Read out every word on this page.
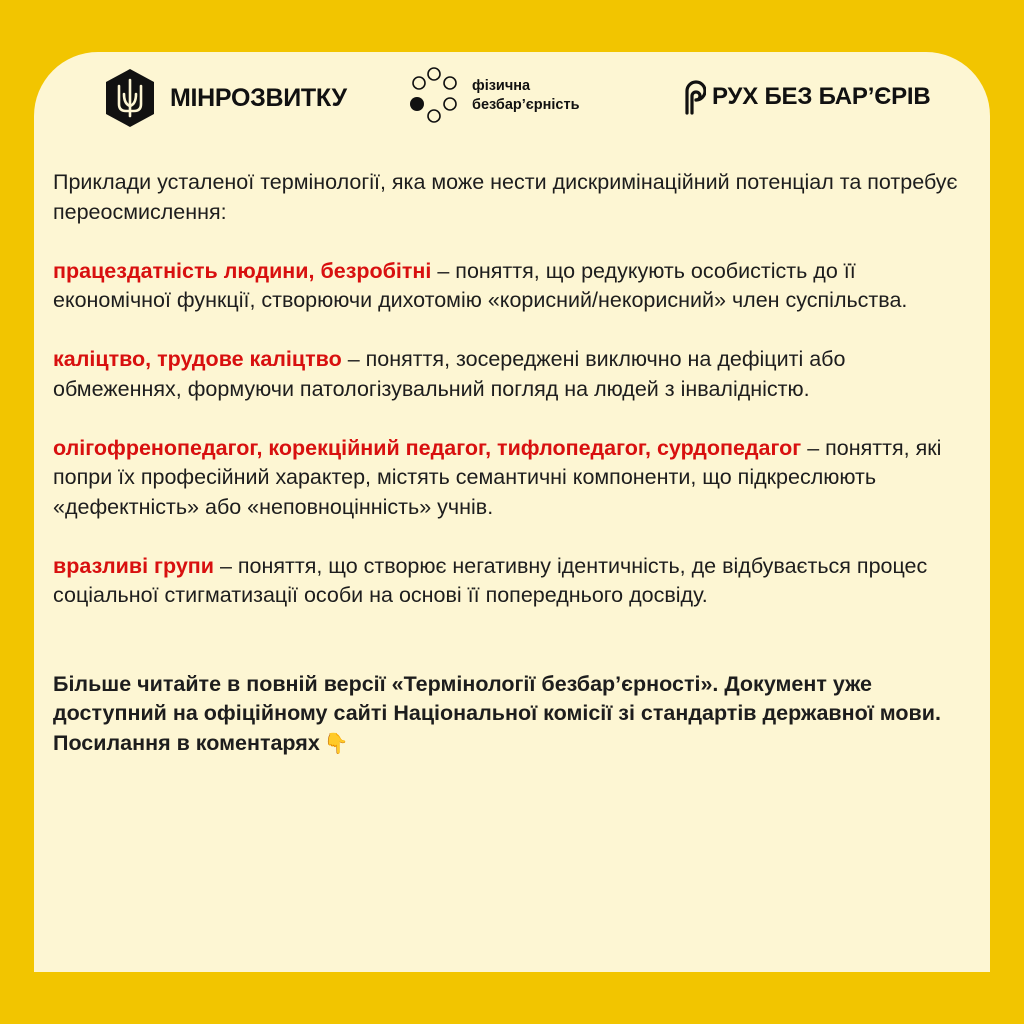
МІНРОЗВИТКУ	фізична
безбар’єрність	РУХ БЕЗ БАР’ЄРІВ

Приклади усталеної термінології, яка може нести дискримінаційний потенціал та потребує переосмислення:

працездатність людини, безробітні – поняття, що редукують особистість до її економічної функції, створюючи дихотомію «корисний/некорисний» член суспільства.

каліцтво, трудове каліцтво – поняття, зосереджені виключно на дефіциті або обмеженнях, формуючи патологізувальний погляд на людей з інвалідністю.

олігофренопедагог, корекційний педагог, тифлопедагог, сурдопедагог – поняття, які попри їх професійний характер, містять семантичні компоненти, що підкреслюють «дефектність» або «неповноцінність» учнів.

вразливі групи – поняття, що створює негативну ідентичність, де відбувається процес соціальної стигматизації особи на основі її попереднього досвіду.

Більше читайте в повній версії «Термінології безбар’єрності». Документ уже доступний на офіційному сайті Національної комісії зі стандартів державної мови. Посилання в коментарях 👇
